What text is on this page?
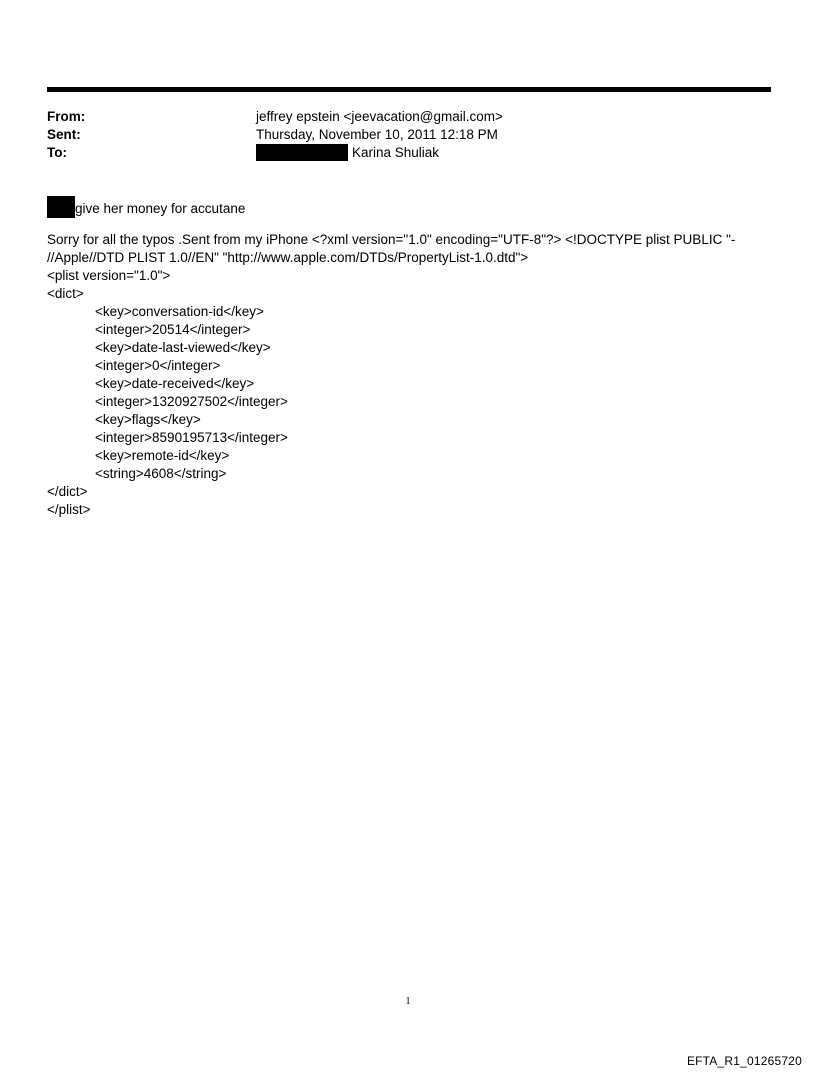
From:	jeffrey epstein <jeevacation@gmail.com>
Sent:	Thursday, November 10, 2011 12:18 PM
To:	Karina Shuliak
give her money for accutane
Sorry for all the typos .Sent from my iPhone <?xml version="1.0" encoding="UTF-8"?> <!DOCTYPE plist PUBLIC "-
//Apple//DTD PLIST 1.0//EN" "http://www.apple.com/DTDs/PropertyList-1.0.dtd">
<plist version="1.0">
<dict>
<key>conversation-id</key>
<integer>20514</integer>
<key>date-last-viewed</key>
<integer>0</integer>
<key>date-received</key>
<integer>1320927502</integer>
<key>flags</key>
<integer>8590195713</integer>
<key>remote-id</key>
<string>4608</string>
</dict>
</plist>
1
EFTA_R1_01265720
